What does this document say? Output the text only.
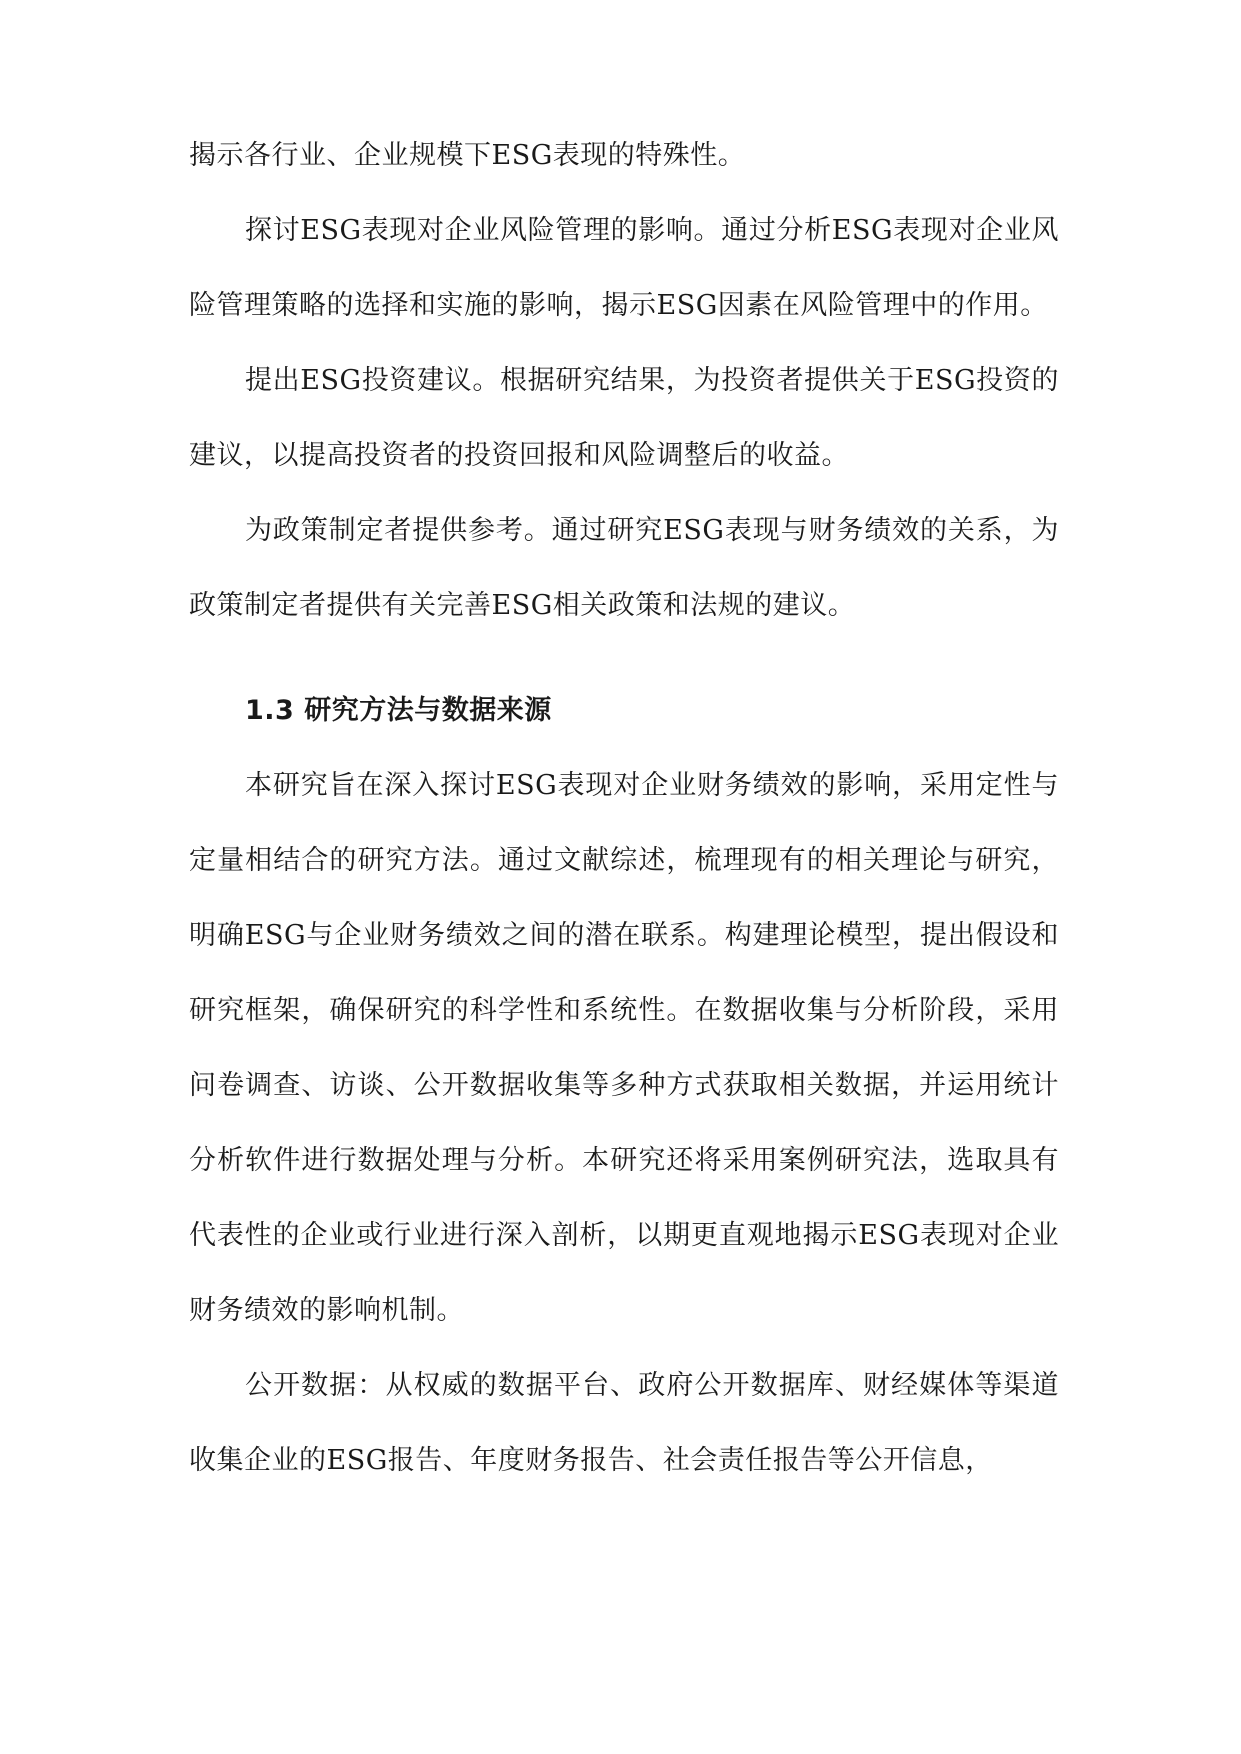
揭示各行业、企业规模下ESG表现的特殊性。

探讨ESG表现对企业风险管理的影响。通过分析ESG表现对企业风险管理策略的选择和实施的影响，揭示ESG因素在风险管理中的作用。

提出ESG投资建议。根据研究结果，为投资者提供关于ESG投资的建议，以提高投资者的投资回报和风险调整后的收益。

为政策制定者提供参考。通过研究ESG表现与财务绩效的关系，为政策制定者提供有关完善ESG相关政策和法规的建议。

1.3 研究方法与数据来源

本研究旨在深入探讨ESG表现对企业财务绩效的影响，采用定性与定量相结合的研究方法。通过文献综述，梳理现有的相关理论与研究，明确ESG与企业财务绩效之间的潜在联系。构建理论模型，提出假设和研究框架，确保研究的科学性和系统性。在数据收集与分析阶段，采用问卷调查、访谈、公开数据收集等多种方式获取相关数据，并运用统计分析软件进行数据处理与分析。本研究还将采用案例研究法，选取具有代表性的企业或行业进行深入剖析，以期更直观地揭示ESG表现对企业财务绩效的影响机制。

公开数据：从权威的数据平台、政府公开数据库、财经媒体等渠道收集企业的ESG报告、年度财务报告、社会责任报告等公开信息，
